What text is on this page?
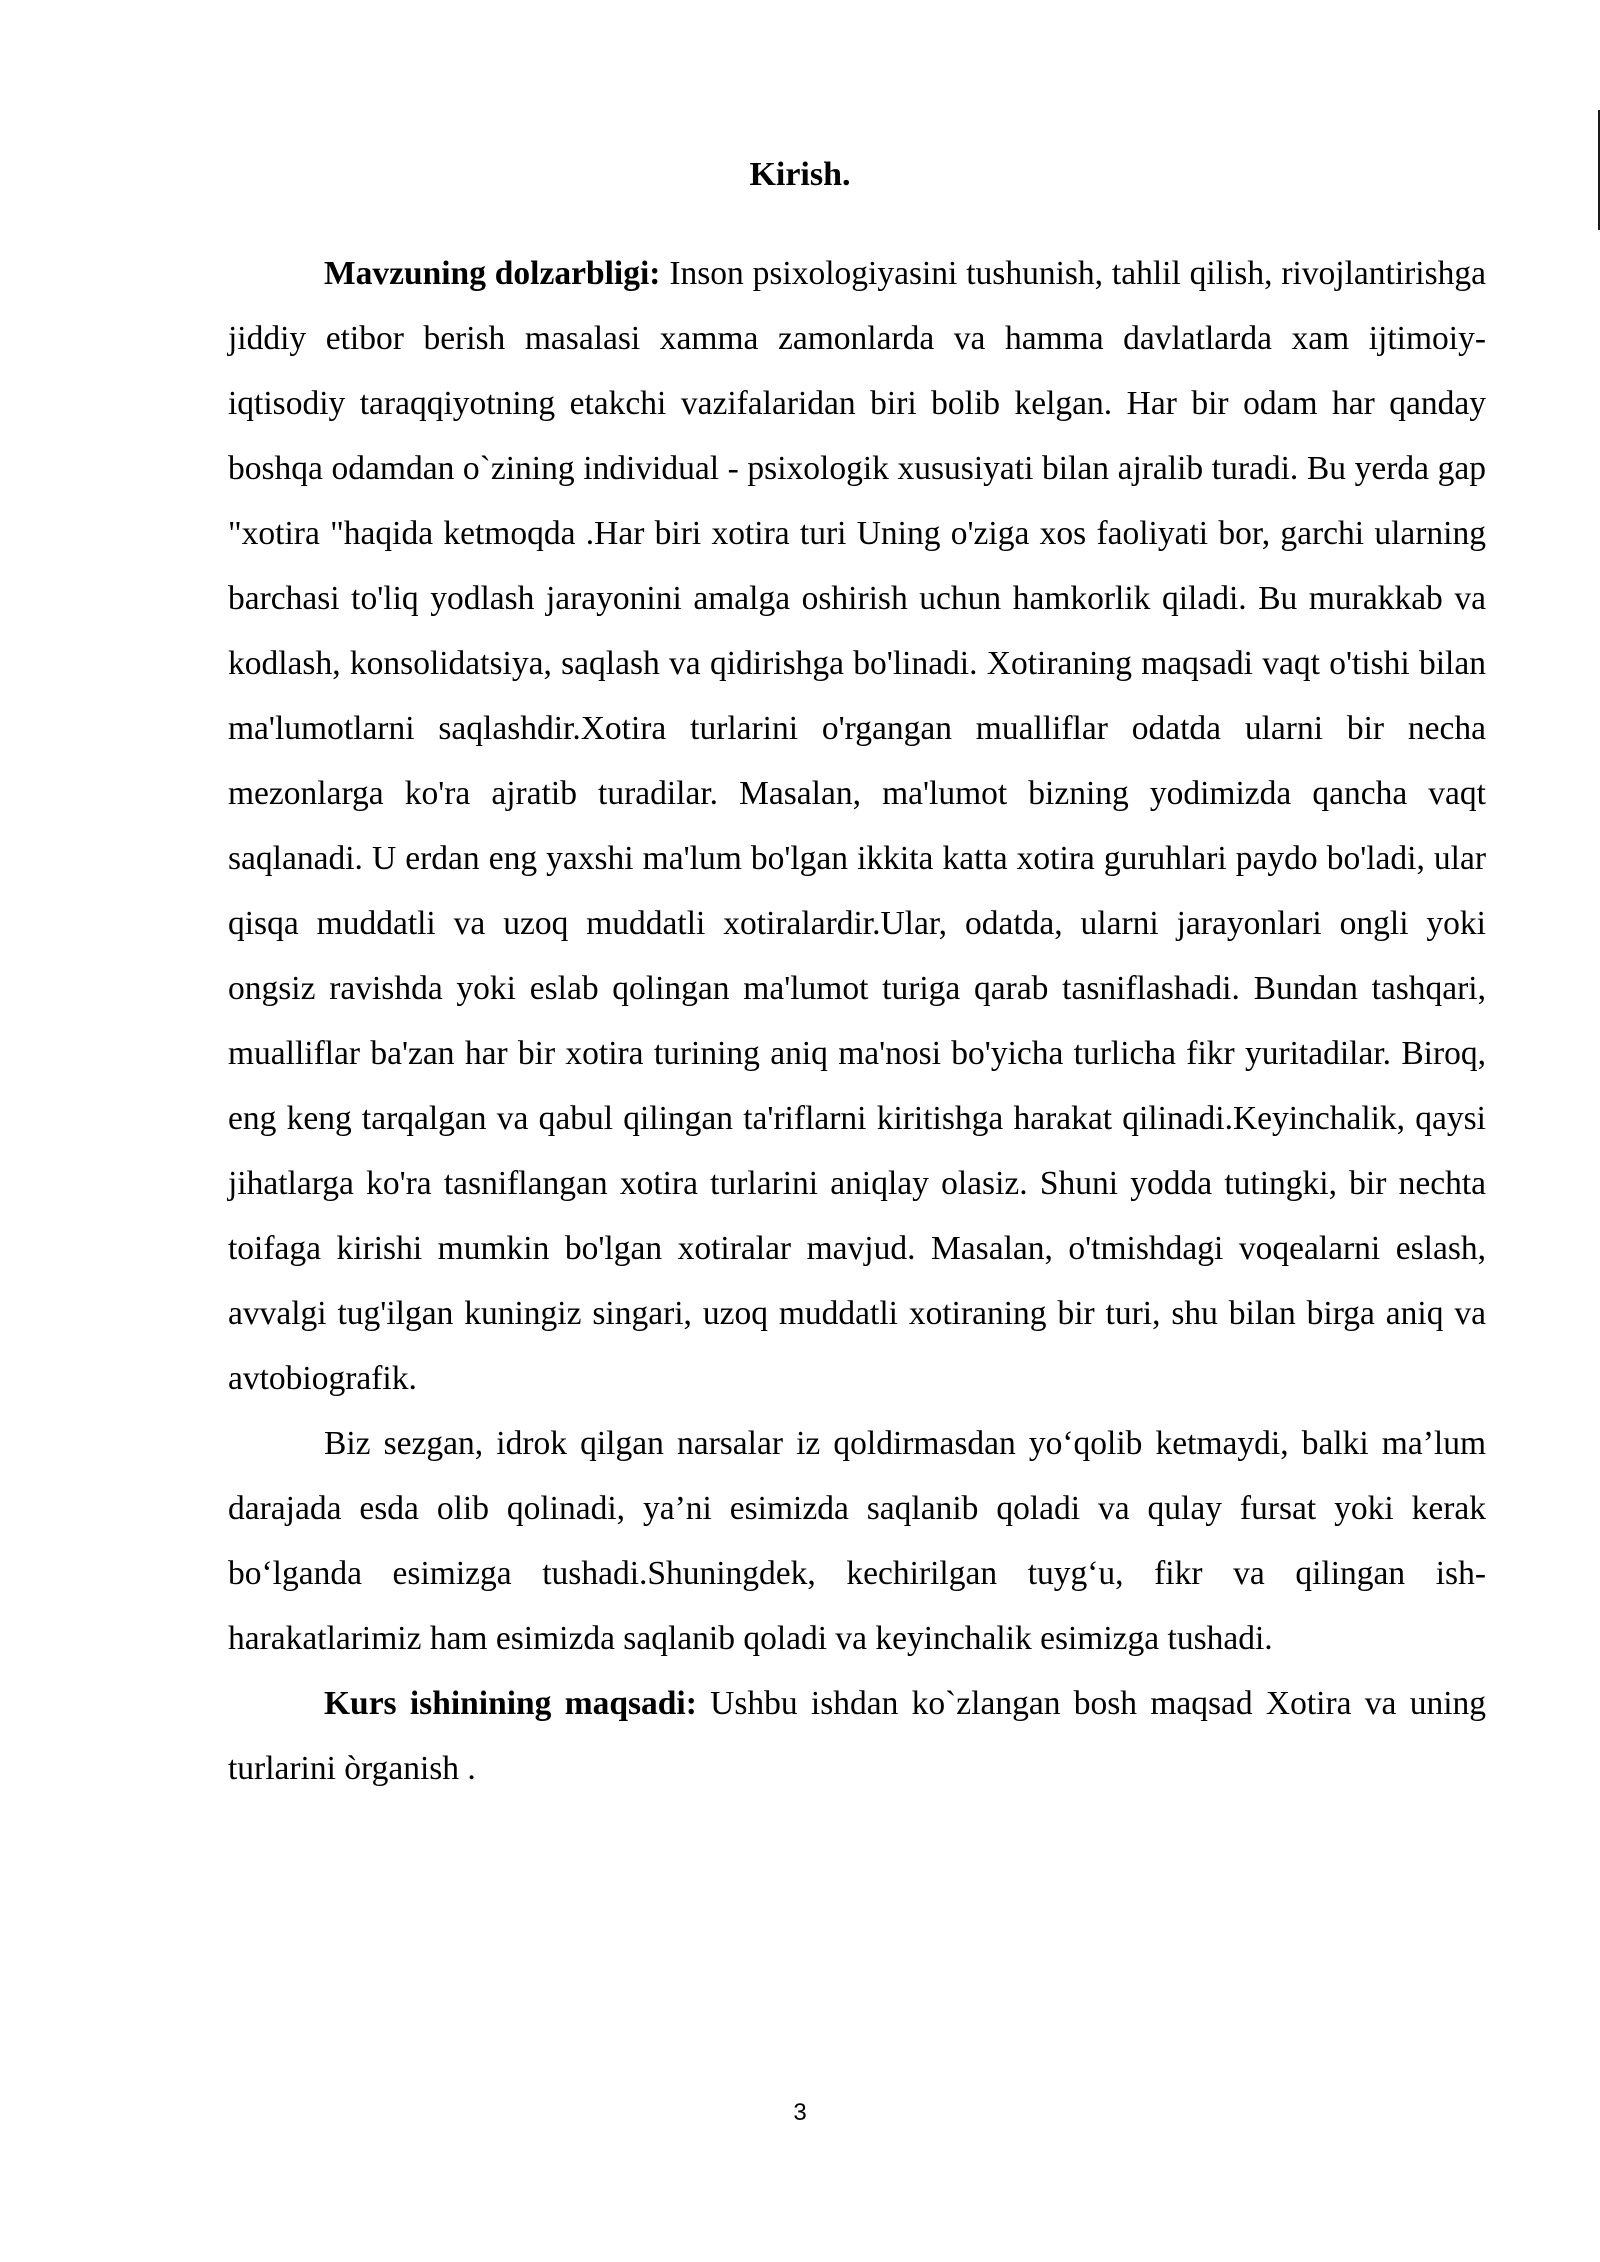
Kirish.

Mavzuning dolzarbligi: Inson psixologiyasini tushunish, tahlil qilish, rivojlantirishga jiddiy etibor berish masalasi xamma zamonlarda va hamma davlatlarda xam ijtimoiy-iqtisodiy taraqqiyotning etakchi vazifalaridan biri bolib kelgan. Har bir odam har qanday boshqa odamdan o`zining individual - psixologik xususiyati bilan ajralib turadi. Bu yerda gap "xotira "haqida ketmoqda .Har biri xotira turi Uning o'ziga xos faoliyati bor, garchi ularning barchasi to'liq yodlash jarayonini amalga oshirish uchun hamkorlik qiladi. Bu murakkab va kodlash, konsolidatsiya, saqlash va qidirishga bo'linadi. Xotiraning maqsadi vaqt o'tishi bilan ma'lumotlarni saqlashdir.Xotira turlarini o'rgangan mualliflar odatda ularni bir necha mezonlarga ko'ra ajratib turadilar. Masalan, ma'lumot bizning yodimizda qancha vaqt saqlanadi. U erdan eng yaxshi ma'lum bo'lgan ikkita katta xotira guruhlari paydo bo'ladi, ular qisqa muddatli va uzoq muddatli xotiralardir.Ular, odatda, ularni jarayonlari ongli yoki ongsiz ravishda yoki eslab qolingan ma'lumot turiga qarab tasniflashadi. Bundan tashqari, mualliflar ba'zan har bir xotira turining aniq ma'nosi bo'yicha turlicha fikr yuritadilar. Biroq, eng keng tarqalgan va qabul qilingan ta'riflarni kiritishga harakat qilinadi.Keyinchalik, qaysi jihatlarga ko'ra tasniflangan xotira turlarini aniqlay olasiz. Shuni yodda tutingki, bir nechta toifaga kirishi mumkin bo'lgan xotiralar mavjud. Masalan, o'tmishdagi voqealarni eslash, avvalgi tug'ilgan kuningiz singari, uzoq muddatli xotiraning bir turi, shu bilan birga aniq va avtobiografik.

Biz sezgan, idrok qilgan narsalar iz qoldirmasdan yo‘qolib ketmaydi, balki ma’lum darajada esda olib qolinadi, ya’ni esimizda saqlanib qoladi va qulay fursat yoki kerak bo‘lganda esimizga tushadi.Shuningdek, kechirilgan tuyg‘u, fikr va qilingan ish-harakatlarimiz ham esimizda saqlanib qoladi va keyinchalik esimizga tushadi.

Kurs ishinining maqsadi: Ushbu ishdan ko`zlangan bosh maqsad Xotira va uning turlarini òrganish .

3
